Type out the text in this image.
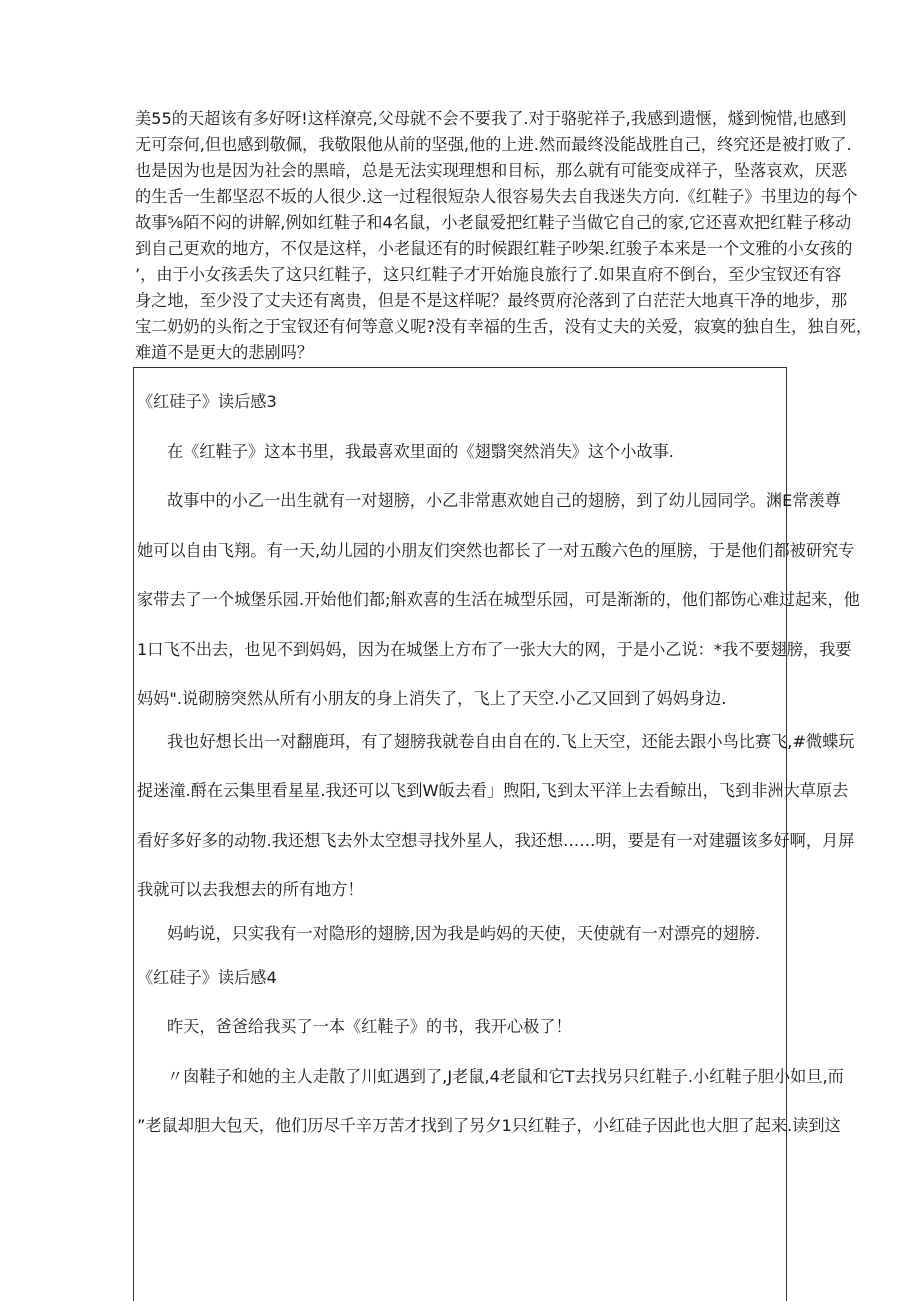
美55的天超该有多好呀!这样潦亮,父母就不会不要我了.对于骆驼祥子,我感到遗惬，燧到惋惜,也感到
无可奈何,但也感到敬佩，我敬限他从前的坚强,他的上进.然而最终没能战胜自己，终究还是被打败了.
也是因为也是因为社会的黑暗，总是无法实现理想和目标，那么就有可能变成祥子，坠落哀欢，厌恶
的生舌一生都坚忍不坂的人很少.这一过程很短杂人很容易失去自我迷失方向.《红鞋子》书里边的每个
故事⅝陌不闷的讲解,例如红鞋子和4名鼠，小老鼠爱把红鞋子当做它自己的家,它还喜欢把红鞋子移动
到自己更欢的地方，不仅是这样，小老鼠还有的时候跟红鞋子吵架.红骏子本来是一个文雅的小女孩的
’，由于小女孩丢失了这只红鞋子，这只红鞋子才开始施良旅行了.如果直府不倒台，至少宝钗还有容
身之地，至少没了丈夫还有离贵，但是不是这样呢？最终贾府沦落到了白茫茫大地真干净的地步，那
宝二奶奶的头衔之于宝钗还有何等意义呢?没有幸福的生舌，没有丈夫的关爱，寂寞的独自生，独自死，
难道不是更大的悲剧吗？
《红硅子》读后感3
在《红鞋子》这本书里，我最喜欢里面的《翅翳突然消失》这个小故事.
故事中的小乙一出生就有一对翅膀，小乙非常惠欢她自己的翅膀，到了幼儿园同学。渊E常羡尊
她可以自由飞翔。有一天,幼儿园的小朋友们突然也都长了一对五酸六色的厘膀，于是他们都被研究专
家带去了一个城堡乐园.开始他们都;斛欢喜的生活在城型乐园，可是渐渐的，他们都饬心难过起来，他
1口飞不出去，也见不到妈妈，因为在城堡上方布了一张大大的网，于是小乙说：*我不要翅膀，我要
妈妈".说砌膀突然从所有小朋友的身上消失了，飞上了天空.小乙又回到了妈妈身边.
我也好想长出一对翻鹿珥，有了翅膀我就卷自由自在的.飞上天空，还能去跟小鸟比赛飞,#微蝶玩
捉迷潼.酹在云集里看星星.我还可以飞到W皈去看」煦阳,飞到太平洋上去看鲸出，飞到非洲大草原去
看好多好多的动物.我还想飞去外太空想寻找外星人，我还想……明，要是有一对建疆该多好啊，月屏
我就可以去我想去的所有地方！
妈屿说，只实我有一对隐形的翅膀,因为我是屿妈的天使，天使就有一对漂亮的翅膀.
《红硅子》读后感4
昨天，爸爸给我买了一本《红鞋子》的书，我开心极了！
〃囱鞋子和她的主人走散了川虹遇到了,J老鼠,4老鼠和它T去找另只红鞋子.小红鞋子胆小如旦,而
”老鼠却胆大包天，他们历尽千辛万苦才找到了另夕1只红鞋子，小红硅子因此也大胆了起来.读到这
